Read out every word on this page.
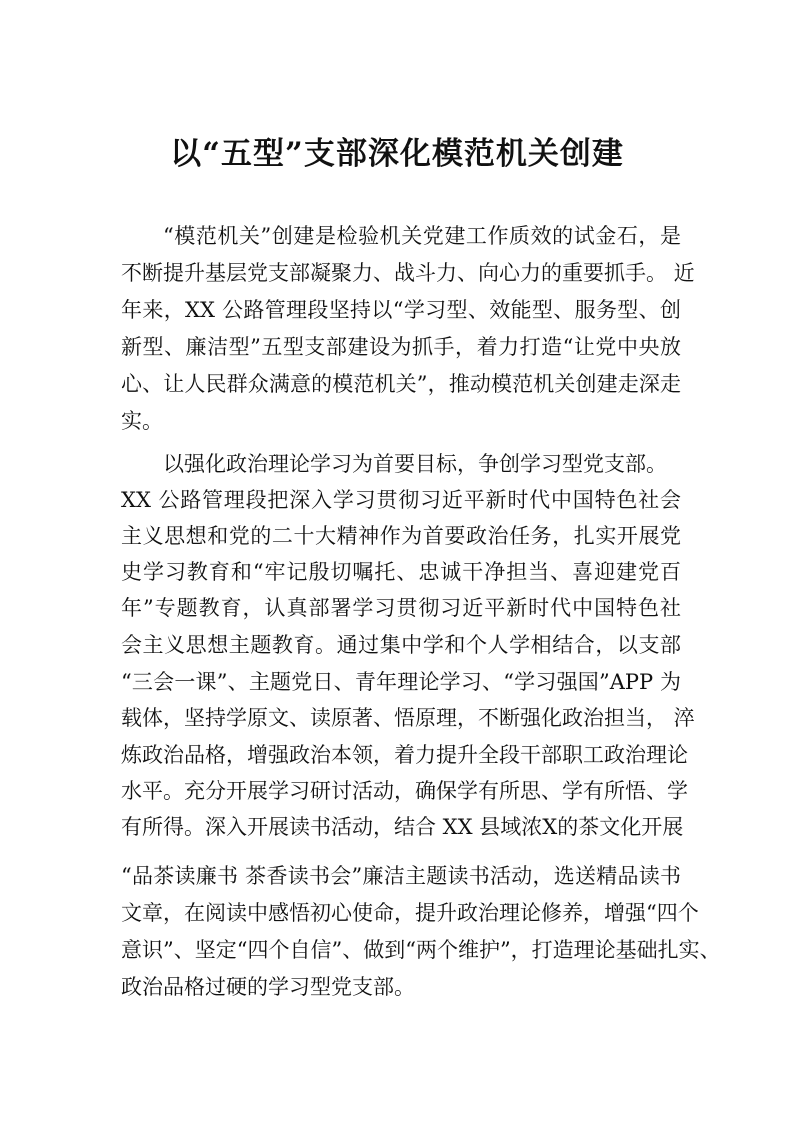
以“五型”支部深化模范机关创建
“模范机关”创建是检验机关党建工作质效的试金石，是
不断提升基层党支部凝聚力、战斗力、向心力的重要抓手。 近
年来，XX 公路管理段坚持以“学习型、效能型、服务型、创
新型、廉洁型”五型支部建设为抓手，着力打造“让党中央放
心、让人民群众满意的模范机关”，推动模范机关创建走深走
实。
以强化政治理论学习为首要目标，争创学习型党支部。
XX 公路管理段把深入学习贯彻习近平新时代中国特色社会
主义思想和党的二十大精神作为首要政治任务，扎实开展党
史学习教育和“牢记殷切嘱托、忠诚干净担当、喜迎建党百
年”专题教育，认真部署学习贯彻习近平新时代中国特色社
会主义思想主题教育。通过集中学和个人学相结合，以支部
“三会一课”、主题党日、青年理论学习、“学习强国”APP 为
载体，坚持学原文、读原著、悟原理，不断强化政治担当， 淬
炼政治品格，增强政治本领，着力提升全段干部职工政治理论
水平。充分开展学习研讨活动，确保学有所思、学有所悟、学
有所得。深入开展读书活动，结合 XX 县域浓X的茶文化开展
“品茶读廉书 茶香读书会”廉洁主题读书活动，选送精品读书
文章，在阅读中感悟初心使命，提升政治理论修养，增强“四个
意识”、坚定“四个自信”、做到“两个维护”，打造理论基础扎实、
政治品格过硬的学习型党支部。
